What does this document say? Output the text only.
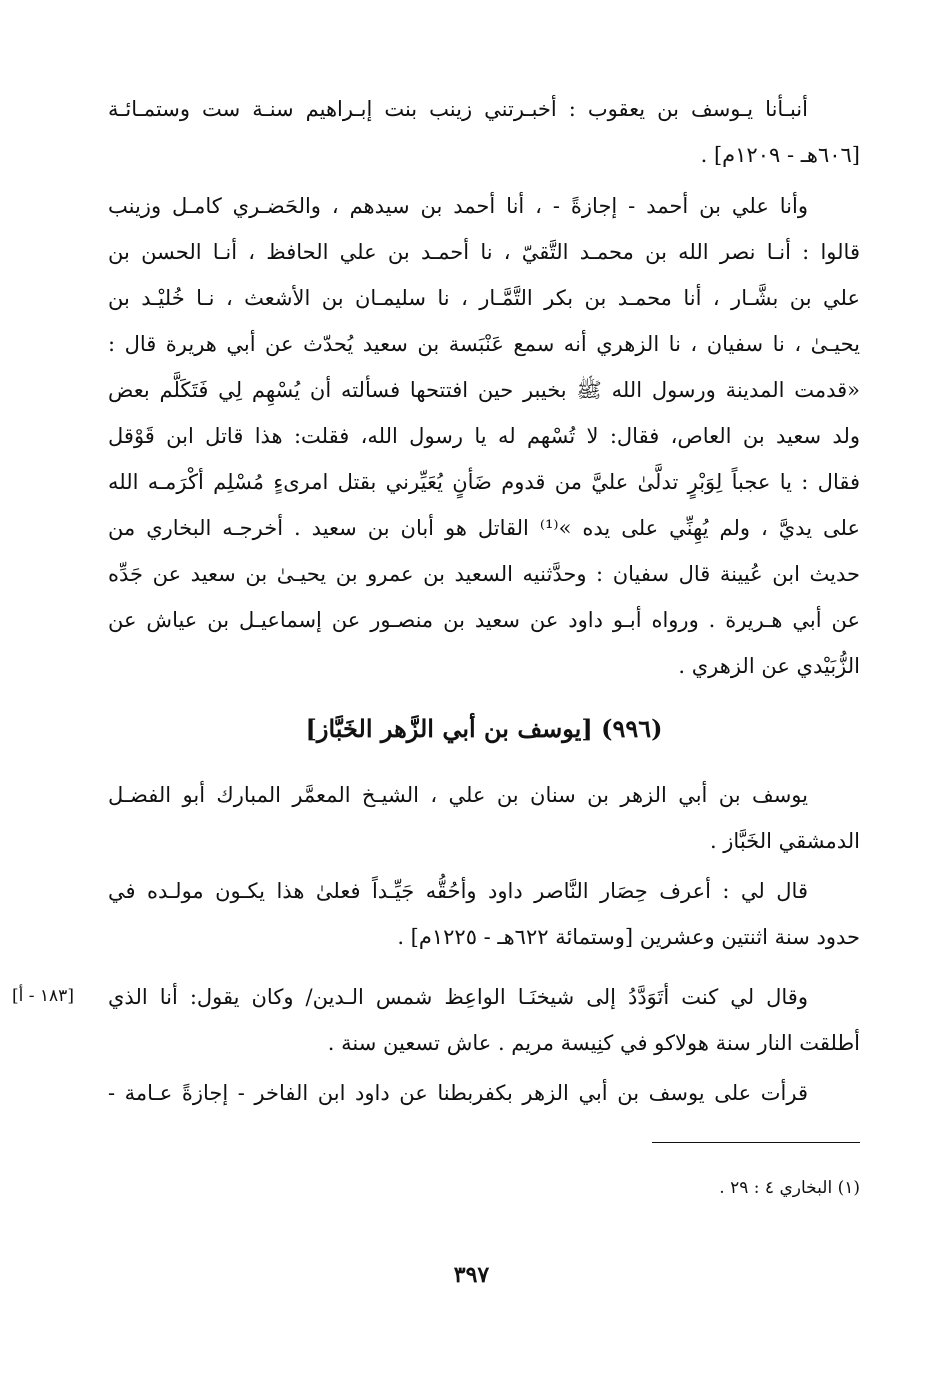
أنبـأنا يـوسف بن يعقوب : أخبـرتني زينب بنت إبـراهيم سنـة ست وستمـائـة
[٦٠٦هـ - ١٢٠٩م] .
وأنا علي بن أحمد - إجازةً - ، أنا أحمد بن سيدهم ، والحَضـري كامـل وزينب
قالوا : أنـا نصر الله بن محمـد التَّقيّ ، نا أحمـد بن علي الحافظ ، أنـا الحسن بن
علي بن بشَّـار ، أنا محمـد بن بكر التَّمَّـار ، نا سليمـان بن الأشعث ، نـا خُليْـد بن
يحيـىٰ ، نا سفيان ، نا الزهري أنه سمع عَنْبَسة بن سعيد يُحدّث عن أبي هريرة قال :
«قدمت المدينة ورسول الله ﷺ بخيبر حين افتتحها فسألته أن يُسْهِم لِي فَتَكَلَّم بعض
ولد سعيد بن العاص، فقال: لا تُسْهم له يا رسول الله، فقلت: هذا قاتل ابن قَوْقل
فقال : يا عجباً لِوَبْرٍ تدلَّىٰ عليَّ من قدوم ضَأنٍ يُعَيِّرني بقتل امرىءٍ مُسْلِم أكْرَمـه الله
على يديَّ ، ولم يُهِنِّي على يده »⁽¹⁾ القاتل هو أبان بن سعيد . أخرجـه البخاري من
حديث ابن عُيينة قال سفيان : وحدَّثنيه السعيد بن عمرو بن يحيـىٰ بن سعيد عن جَدِّه
عن أبي هـريرة . ورواه أبـو داود عن سعيد بن منصـور عن إسماعيـل بن عياش عن
الزُّبَيْدي عن الزهري .
(٩٩٦) [يوسف بن أبي الزَّهر الخَبَّاز]
يوسف بن أبي الزهر بن سنان بن علي ، الشيـخ المعمَّر المبارك أبو الفضـل
الدمشقي الخَبَّاز .
قال لي : أعرف حِصَار النَّاصر داود وأحُقُّه جَيِّـداً فعلىٰ هذا يكـون مولـده في
حدود سنة اثنتين وعشرين [وستمائة ٦٢٢هـ - ١٢٢٥م] .
وقال لي كنت أتَوَدَّدُ إلى شيخنَـا الواعِظ شمس الـدين/ وكان يقول: أنا الذي
أطلقت النار سنة هولاكو في كنِيسة مريم . عاش تسعين سنة .
قرأت على يوسف بن أبي الزهر بكفربطنا عن داود ابن الفاخر - إجازةً عـامة -
[١٨٣ - أ]
(١) البخاري ٤ : ٢٩ .
٣٩٧
